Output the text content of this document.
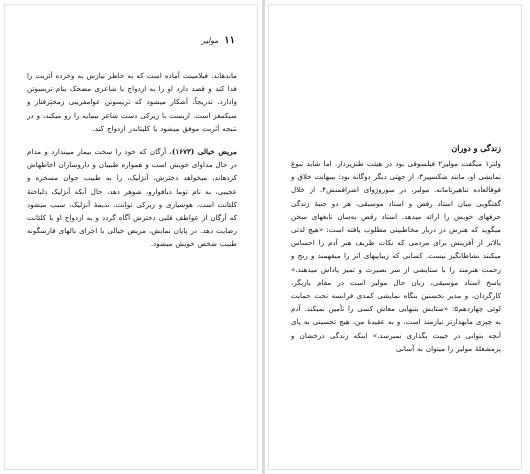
۱۱
مولیر

ماندهاند. فیلامینت آماده است که به خاطر نیازش به وخرده آثریت را فدا کند و قصد دارد او را به ازدواج با شاعری مضحک بنام تریسوتن وادارد. تدریجاً، آشکار میشود که تریسوتن عوامفریبی زمختِرفتار و سبکمغز است. اریست با زیرکی دست شاعر بیمایه را رو میکند، و در نتیجه آثریت موفق میشود با کلیتاندر ازدواج کند.

مریض خیالی (۱۶۷۳). آرگان که خود را سخت بیمار میپندارد و مدام در حال مداوای خویش است و همواره طبیبان و داروسازان احاطهاش کردهاند، میخواهد دخترش، آنژلیک، را به طبیب جوان مسخره و عجیبی، به نام توما دیافوارو، شوهر دهد، حال آنکه آنژلیک دلباختهٔ کلئانت است. هوشیاری و زیرکی تواِنت، ندیمهٔ آنژلیک، سبب میشود که آرگان از عواطف قلبی دخترش آگاه گردد و به ازدواج او با کلئانت رضایت دهد. در پایان نمایش، مریض خیالی با اجرای بالهای فارسگونه طبیب شخص خویش میشود.

زندگی و دوران

ولتر۱ میگفت مولیر۲ فیلسوفی بود در هیئت طنزپرداز. اما شاید نبوغ نمایشی او، مانند شکسپیر۳، از جهتی دیگر دوگانه بود: بیبهایت خلاق و فوقالعاده تناهیرنامانه. مولیر، در سوروژوای اشرافمنش۴، از خلال گفتگویی میان استاد رقص و استاد موسیقی، هر دو جنبهٔ زندگی حرفهای خویش را ارائه میدهد. استاد رقص به‌سان نابغهای سخن میگوید که هنرش در دربار مخاطبینی مطلوب یافته است: «هیچ لذتی بالاتر از آفرینش برای مردمی که نکات ظریف هنر آدم را احساس میکنند نشاطانگیز نیست. کسانی که زیباییهای اثر را میفهمند و رنج و زحمت هنرمند را با ستایشی از سر بصیرت و تمیز پاداش میدهند.» پاسخ استاد موسیقی، زبان حال مولیر است در مقام بازیگر، کارگردان، و مدیر نخستین بنگاه نمایشی کمدی فرانسه تحت حمایت لوئی چهاردهم۵: «ستایش بتنهایی معاش کسی را تأمین نمیکند. آدم به چیزی مایهدارتر نیازمند است، و به عقیدهٔ من، هیچ تحسینی به پای آنچه بتوانی در جیبت بگذاری نمیرسد.» اینکه زندگی درخشان و پرمشغلهٔ مولیر را میتوان به آسانی
